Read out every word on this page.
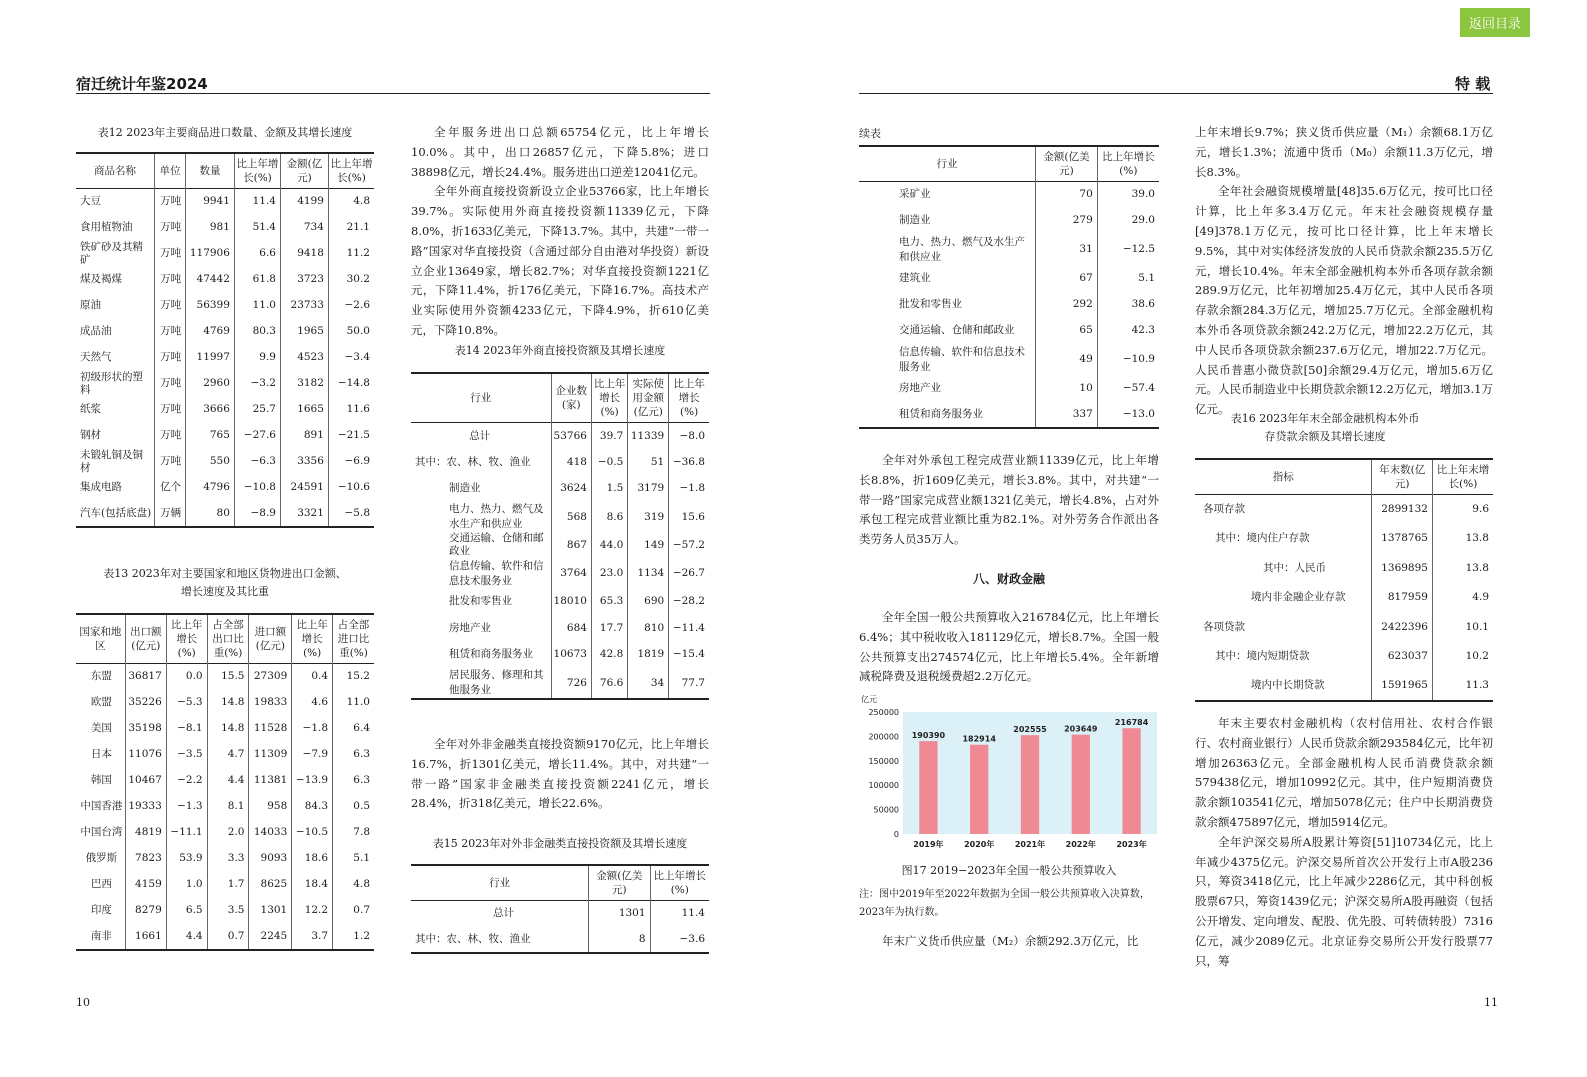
宿迁统计年鉴2024
表12 2023年主要商品进口数量、金额及其增长速度
商品名称	单位	数量	比上年增长(%)	金额(亿元)	比上年增长(%)
大豆	万吨	9941	11.4	4199	4.8
食用植物油	万吨	981	51.4	734	21.1
铁矿砂及其精矿	万吨	117906	6.6	9418	11.2
煤及褐煤	万吨	47442	61.8	3723	30.2
原油	万吨	56399	11.0	23733	−2.6
成品油	万吨	4769	80.3	1965	50.0
天然气	万吨	11997	9.9	4523	−3.4
初级形状的塑料	万吨	2960	−3.2	3182	−14.8
纸浆	万吨	3666	25.7	1665	11.6
钢材	万吨	765	−27.6	891	−21.5
未锻轧铜及铜材	万吨	550	−6.3	3356	−6.9
集成电路	亿个	4796	−10.8	24591	−10.6
汽车(包括底盘)	万辆	80	−8.9	3321	−5.8
表13 2023年对主要国家和地区货物进出口金额、
增长速度及其比重
国家和地区	出口额(亿元)	比上年增长(%)	占全部出口比重(%)	进口额(亿元)	比上年增长(%)	占全部进口比重(%)
东盟	36817	0.0	15.5	27309	0.4	15.2
欧盟	35226	−5.3	14.8	19833	4.6	11.0
美国	35198	−8.1	14.8	11528	−1.8	6.4
日本	11076	−3.5	4.7	11309	−7.9	6.3
韩国	10467	−2.2	4.4	11381	−13.9	6.3
中国香港	19333	−1.3	8.1	958	84.3	0.5
中国台湾	4819	−11.1	2.0	14033	−10.5	7.8
俄罗斯	7823	53.9	3.3	9093	18.6	5.1
巴西	4159	1.0	1.7	8625	18.4	4.8
印度	8279	6.5	3.5	1301	12.2	0.7
南非	1661	4.4	0.7	2245	3.7	1.2

全年服务进出口总额65754亿元，比上年增长10.0%。其中，出口26857亿元，下降5.8%；进口38898亿元，增长24.4%。服务进出口逆差12041亿元。

全年外商直接投资新设立企业53766家，比上年增长39.7%。实际使用外商直接投资额11339亿元，下降8.0%，折1633亿美元，下降13.7%。其中，共建“一带一路”国家对华直接投资（含通过部分自由港对华投资）新设立企业13649家，增长82.7%；对华直接投资额1221亿元，下降11.4%，折176亿美元，下降16.7%。高技术产业实际使用外资额4233亿元，下降4.9%，折610亿美元，下降10.8%。

表14 2023年外商直接投资额及其增长速度
行业	企业数(家)	比上年增长(%)	实际使用金额(亿元)	比上年增长(%)
总计	53766	39.7	11339	−8.0
其中：农、林、牧、渔业	418	−0.5	51	−36.8
制造业	3624	1.5	3179	−1.8
电力、热力、燃气及水生产和供应业	568	8.6	319	15.6
交通运输、仓储和邮政业	867	44.0	149	−57.2
信息传输、软件和信息技术服务业	3764	23.0	1134	−26.7
批发和零售业	18010	65.3	690	−28.2
房地产业	684	17.7	810	−11.4
租赁和商务服务业	10673	42.8	1819	−15.4
居民服务、修理和其他服务业	726	76.6	34	77.7

全年对外非金融类直接投资额9170亿元，比上年增长16.7%，折1301亿美元，增长11.4%。其中，对共建“一带一路”国家非金融类直接投资额2241亿元，增长28.4%，折318亿美元，增长22.6%。

表15 2023年对外非金融类直接投资额及其增长速度
行业	金额(亿美元)	比上年增长(%)
总计	1301	11.4
其中：农、林、牧、渔业	8	−3.6
10
返回目录
特 载
续表
行业	金额(亿美元)	比上年增长(%)
采矿业	70	39.0
制造业	279	29.0
电力、热力、燃气及水生产和供应业	31	−12.5
建筑业	67	5.1
批发和零售业	292	38.6
交通运输、仓储和邮政业	65	42.3
信息传输、软件和信息技术服务业	49	−10.9
房地产业	10	−57.4
租赁和商务服务业	337	−13.0

全年对外承包工程完成营业额11339亿元，比上年增长8.8%，折1609亿美元，增长3.8%。其中，对共建“一带一路”国家完成营业额1321亿美元，增长4.8%，占对外承包工程完成营业额比重为82.1%。对外劳务合作派出各类劳务人员35万人。

八、财政金融

全年全国一般公共预算收入216784亿元，比上年增长6.4%；其中税收收入181129亿元，增长8.7%。全国一般公共预算支出274574亿元，比上年增长5.4%。全年新增减税降费及退税缓费超2.2万亿元。

亿元
0
50000
100000
150000
200000
250000
190390
2019年
182914
2020年
202555
2021年
203649
2022年
216784
2023年
图17 2019−2023年全国一般公共预算收入
注：图中2019年至2022年数据为全国一般公共预算收入决算数，2023年为执行数。

年末广义货币供应量（M₂）余额292.3万亿元，比

上年末增长9.7%；狭义货币供应量（M₁）余额68.1万亿元，增长1.3%；流通中货币（M₀）余额11.3万亿元，增长8.3%。

全年社会融资规模增量[48]35.6万亿元，按可比口径计算，比上年多3.4万亿元。年末社会融资规模存量[49]378.1万亿元，按可比口径计算，比上年末增长9.5%，其中对实体经济发放的人民币贷款余额235.5万亿元，增长10.4%。年末全部金融机构本外币各项存款余额289.9万亿元，比年初增加25.4万亿元，其中人民币各项存款余额284.3万亿元，增加25.7万亿元。全部金融机构本外币各项贷款余额242.2万亿元，增加22.2万亿元，其中人民币各项贷款余额237.6万亿元，增加22.7万亿元。人民币普惠小微贷款[50]余额29.4万亿元，增加5.6万亿元。人民币制造业中长期贷款余额12.2万亿元，增加3.1万亿元。

表16 2023年年末全部金融机构本外币
存贷款余额及其增长速度
指标	年末数(亿元)	比上年末增长(%)
各项存款	2899132	9.6
其中：境内住户存款	1378765	13.8
其中：人民币	1369895	13.8
境内非金融企业存款	817959	4.9
各项贷款	2422396	10.1
其中：境内短期贷款	623037	10.2
境内中长期贷款	1591965	11.3

年末主要农村金融机构（农村信用社、农村合作银行、农村商业银行）人民币贷款余额293584亿元，比年初增加26363亿元。全部金融机构人民币消费贷款余额579438亿元，增加10992亿元。其中，住户短期消费贷款余额103541亿元，增加5078亿元；住户中长期消费贷款余额475897亿元，增加5914亿元。

全年沪深交易所A股累计筹资[51]10734亿元，比上年减少4375亿元。沪深交易所首次公开发行上市A股236只，筹资3418亿元，比上年减少2286亿元，其中科创板股票67只，筹资1439亿元；沪深交易所A股再融资（包括公开增发、定向增发、配股、优先股、可转债转股）7316亿元，减少2089亿元。北京证券交易所公开发行股票77只，筹

11
